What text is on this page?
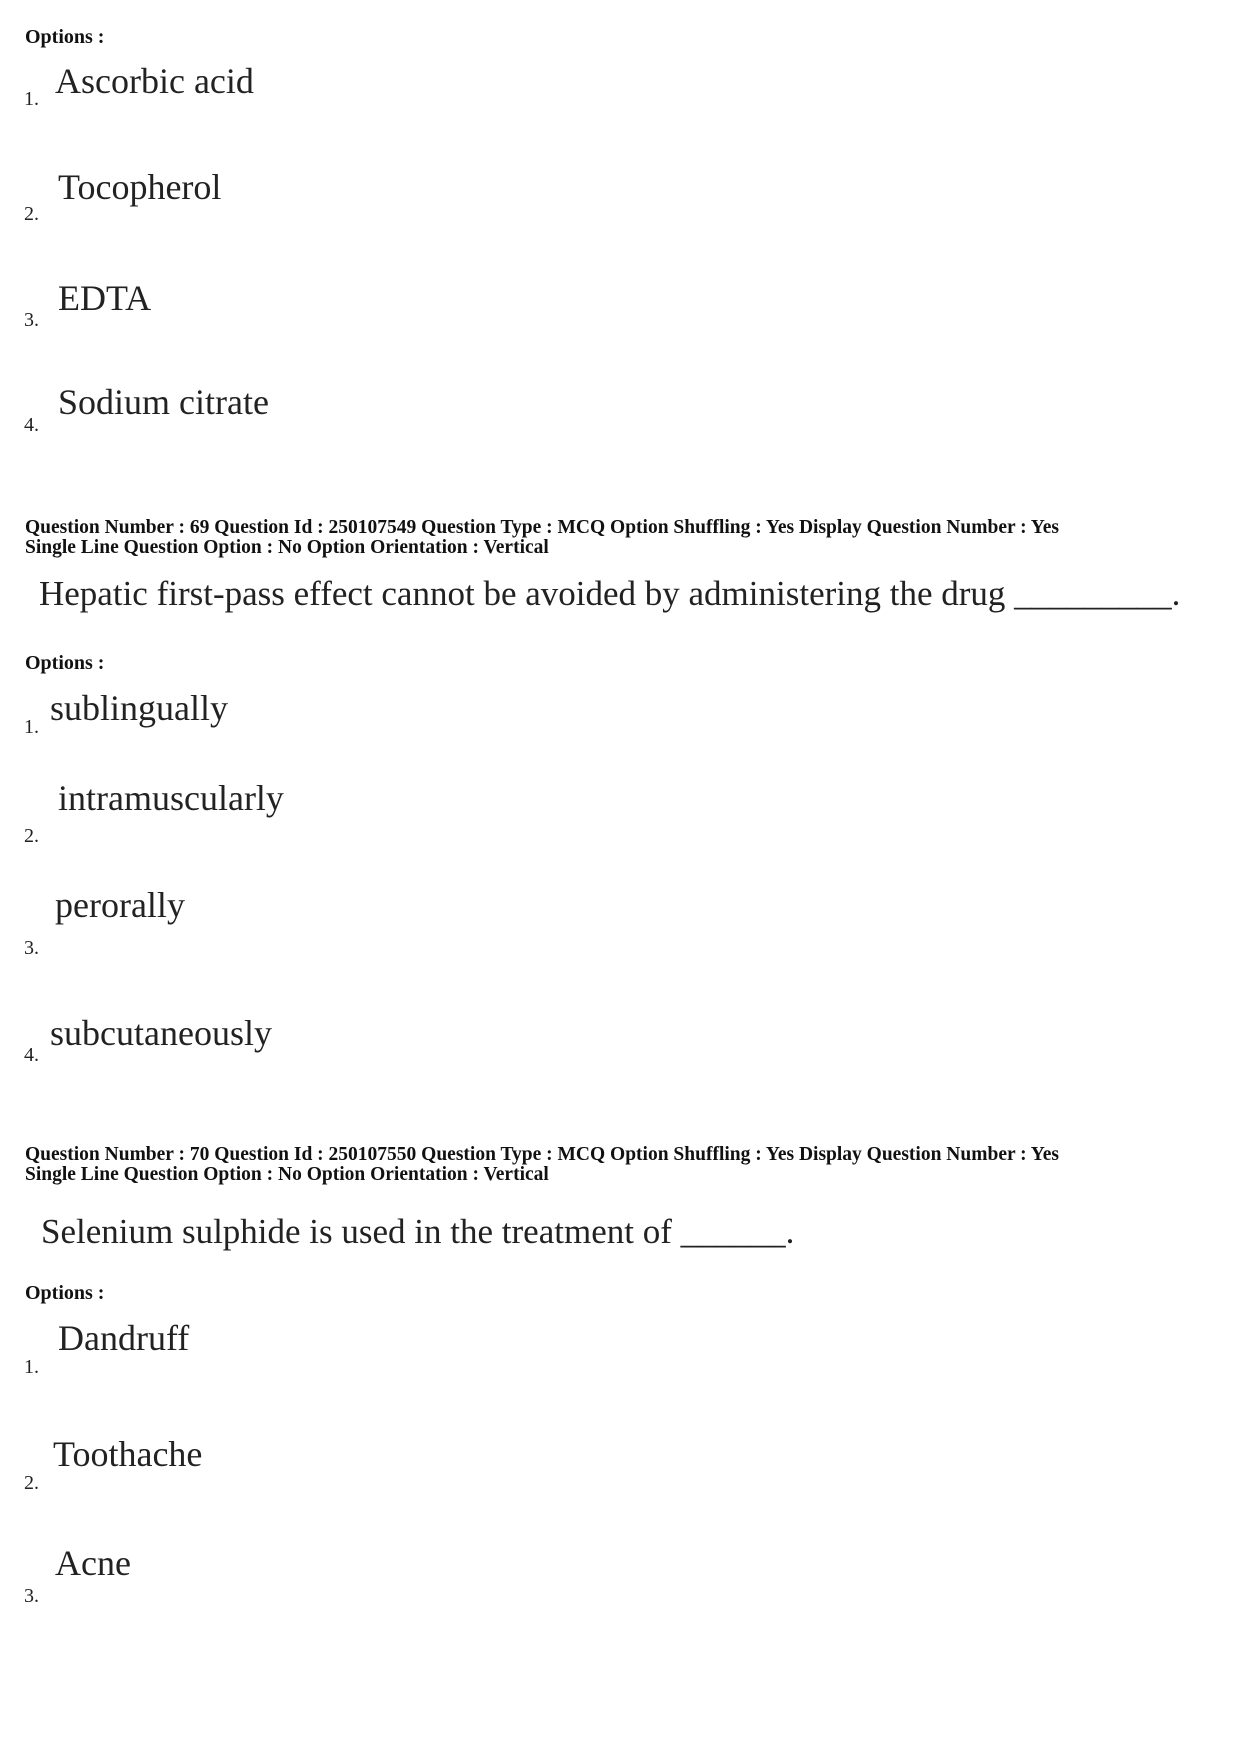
Options :
1. Ascorbic acid
2.
Tocopherol
3.
EDTA
4.
Sodium citrate
Question Number : 69 Question Id : 250107549 Question Type : MCQ Option Shuffling : Yes Display Question Number : Yes
Single Line Question Option : No Option Orientation : Vertical
Hepatic first-pass effect cannot be avoided by administering the drug _________.
Options :
1. sublingually
2.
intramuscularly
3.
perorally
4.
subcutaneously
Question Number : 70 Question Id : 250107550 Question Type : MCQ Option Shuffling : Yes Display Question Number : Yes
Single Line Question Option : No Option Orientation : Vertical
Selenium sulphide is used in the treatment of ______.
Options :
1.
Dandruff
2.
Toothache
3.
Acne
